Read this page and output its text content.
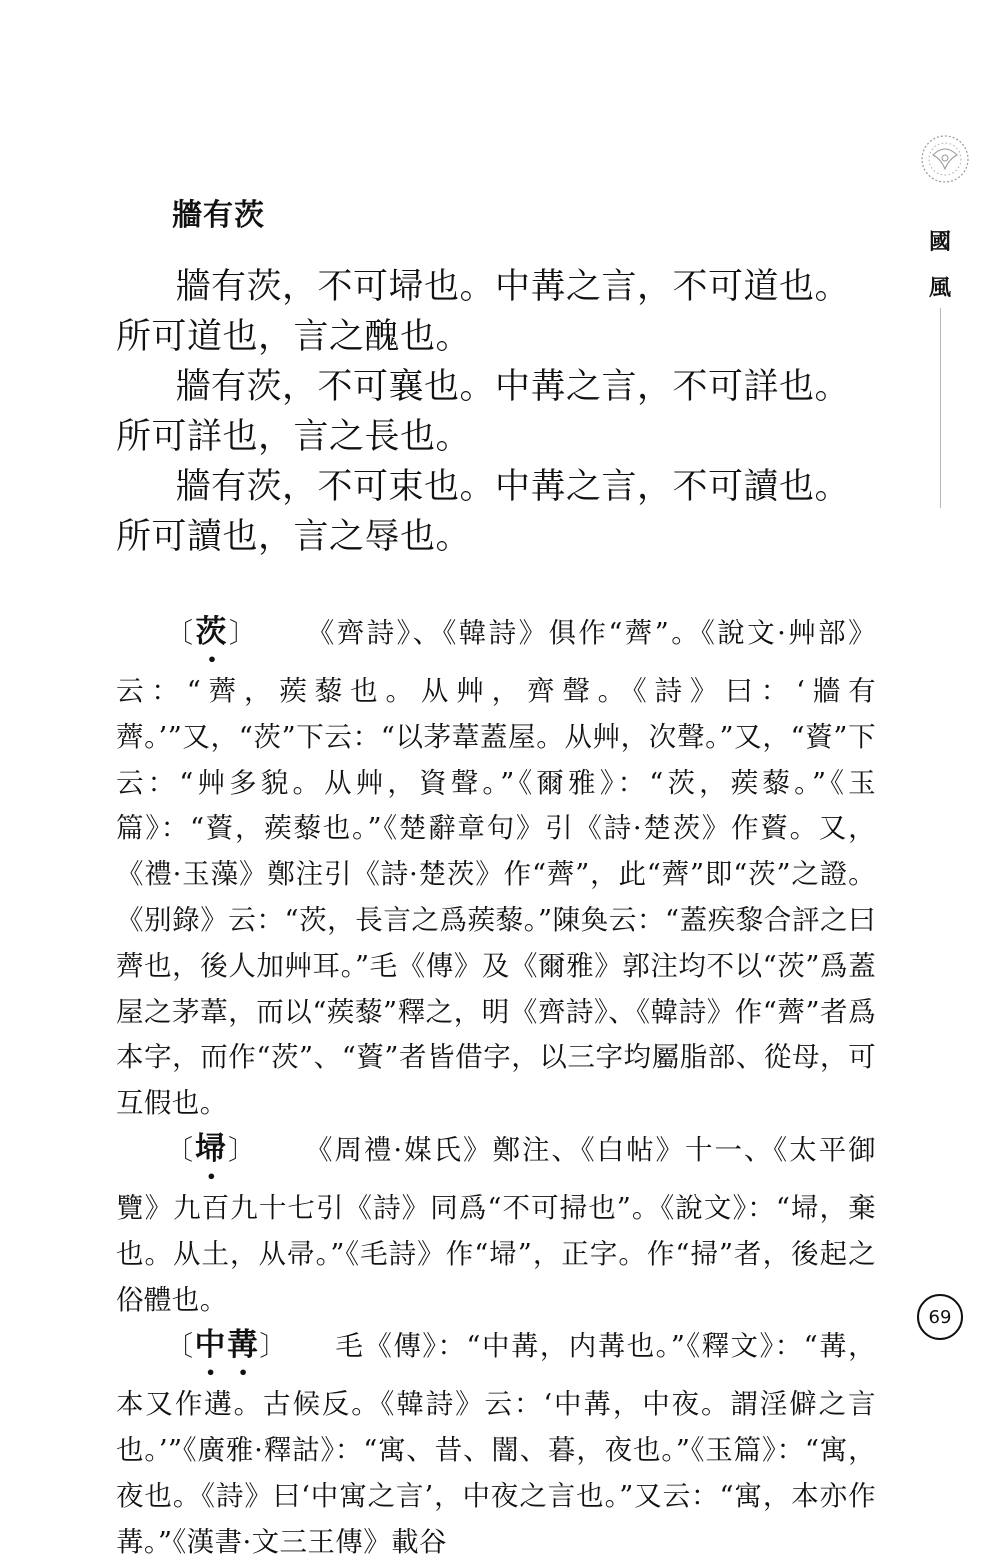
國
風
牆有茨

牆有茨，不可埽也。中冓之言，不可道也。所可道也，言之醜也。

牆有茨，不可襄也。中冓之言，不可詳也。所可詳也，言之長也。

牆有茨，不可束也。中冓之言，不可讀也。所可讀也，言之辱也。

〔茨〕 《齊詩》、《韓詩》俱作“薺”。《說文·艸部》云：“薺，蒺藜也。从艸，齊聲。《詩》曰：‘牆有薺。’”又，“茨”下云：“以茅葦蓋屋。从艸，次聲。”又，“薋”下云：“艸多貌。从艸，資聲。”《爾雅》：“茨，蒺藜。”《玉篇》：“薋，蒺藜也。”《楚辭章句》引《詩·楚茨》作薋。又，《禮·玉藻》鄭注引《詩·楚茨》作“薺”，此“薺”即“茨”之證。《别錄》云：“茨，長言之爲蒺藜。”陳奐云：“蓋疾黎合評之曰薺也，後人加艸耳。”毛《傳》及《爾雅》郭注均不以“茨”爲蓋屋之茅葦，而以“蒺藜”釋之，明《齊詩》、《韓詩》作“薺”者爲本字，而作“茨”、“薋”者皆借字，以三字均屬脂部、從母，可互假也。

〔埽〕 《周禮·媒氏》鄭注、《白帖》十一、《太平御覽》九百九十七引《詩》同爲“不可掃也”。《說文》：“埽，棄也。从土，从帚。”《毛詩》作“埽”，正字。作“掃”者，後起之俗體也。

〔中冓〕 毛《傳》：“中冓，内冓也。”《釋文》：“冓，本又作遘。古候反。《韓詩》云：‘中冓，中夜。謂淫僻之言也。’”《廣雅·釋詁》：“寓、昔、闇、暮，夜也。”《玉篇》：“寓，夜也。《詩》曰‘中寓之言’，中夜之言也。”又云：“寓，本亦作冓。”《漢書·文三王傳》載谷

69
